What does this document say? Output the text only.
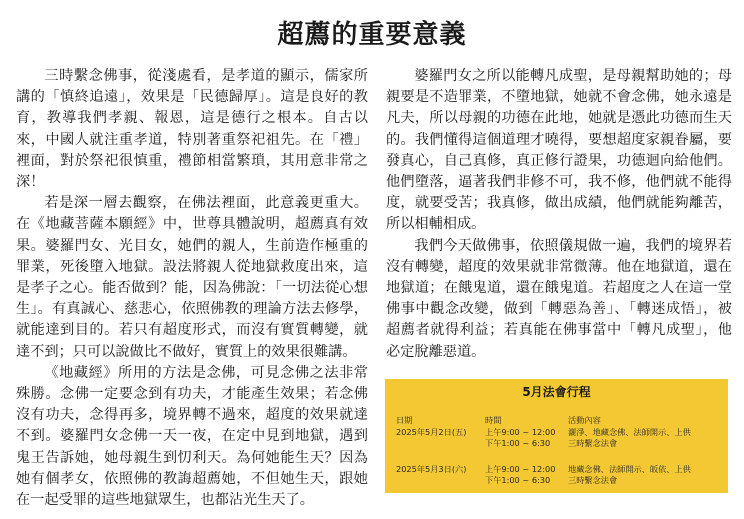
超薦的重要意義

三時繫念佛事，從淺處看，是孝道的顯示，儒家所講的「慎終追遠」，效果是「民德歸厚」。這是良好的教育，教導我們孝親、報恩，這是德行之根本。自古以來，中國人就注重孝道，特別著重祭祀祖先。在「禮」裡面，對於祭祀很慎重，禮節相當繁瑣，其用意非常之深！

若是深一層去觀察，在佛法裡面，此意義更重大。在《地藏菩薩本願經》中，世尊具體說明，超薦真有效果。婆羅門女、光目女，她們的親人，生前造作極重的罪業，死後墮入地獄。設法將親人從地獄救度出來，這是孝子之心。能否做到？能，因為佛說：「一切法從心想生」。有真誠心、慈悲心，依照佛教的理論方法去修學，就能達到目的。若只有超度形式，而沒有實質轉變，就達不到；只可以說做比不做好，實質上的效果很難講。

《地藏經》所用的方法是念佛，可見念佛之法非常殊勝。念佛一定要念到有功夫，才能產生效果；若念佛沒有功夫，念得再多，境界轉不過來，超度的效果就達不到。婆羅門女念佛一天一夜，在定中見到地獄，遇到鬼王告訴她，她母親生到忉利天。為何她能生天？因為她有個孝女，依照佛的教誨超薦她，不但她生天，跟她在一起受罪的這些地獄眾生，也都沾光生天了。

婆羅門女之所以能轉凡成聖，是母親幫助她的；母親要是不造罪業，不墮地獄，她就不會念佛，她永遠是凡夫，所以母親的功德在此地，她就是憑此功德而生天的。我們懂得這個道理才曉得，要想超度家親眷屬，要發真心，自己真修，真正修行證果，功德迴向給他們。他們墮落，逼著我們非修不可，我不修，他們就不能得度，就要受苦；我真修，做出成績，他們就能夠離苦，所以相輔相成。

我們今天做佛事，依照儀規做一遍，我們的境界若沒有轉變，超度的效果就非常微薄。他在地獄道，還在地獄道；在餓鬼道，還在餓鬼道。若超度之人在這一堂佛事中觀念改變，做到「轉惡為善」、「轉迷成悟」，被超薦者就得利益；若真能在佛事當中「轉凡成聖」，他必定脫離惡道。

5月法會行程
日期	時間	活動內容
2025年5月2日(五) 上午9:00 ~ 12:00
下午1:00 ~ 6:30
灑淨、地藏念佛、法師開示、上供
三時繫念法會
2025年5月3日(六) 上午9:00 ~ 12:00
下午1:00 ~ 6:30
地藏念佛、法師開示、皈依、上供
三時繫念法會
